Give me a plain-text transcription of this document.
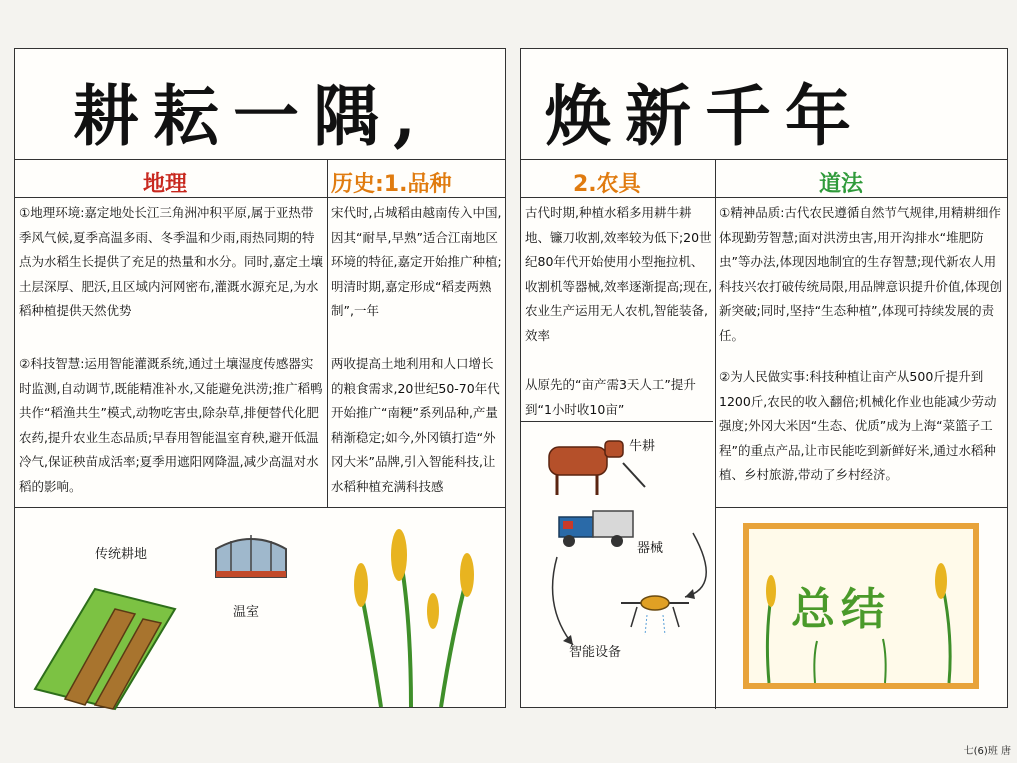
耕耘一隅,
地理	历史:1.品种
①地理环境:嘉定地处长江三角洲冲积平原,属于亚热带季风气候,夏季高温多雨、冬季温和少雨,雨热同期的特点为水稻生长提供了充足的热量和水分。同时,嘉定土壤土层深厚、肥沃,且区域内河网密布,灌溉水源充足,为水稻种植提供天然优势
宋代时,占城稻由越南传入中国,因其“耐旱,早熟”适合江南地区环境的特征,嘉定开始推广种植;明清时期,嘉定形成“稻麦两熟制”,一年
②科技智慧:运用智能灌溉系统,通过土壤湿度传感器实时监测,自动调节,既能精准补水,又能避免洪涝;推广稻鸭共作“稻渔共生”模式,动物吃害虫,除杂草,排便替代化肥农药,提升农业生态品质;早春用智能温室育秧,避开低温冷气,保证秧苗成活率;夏季用遮阳网降温,减少高温对水稻的影响。
两收提高土地利用和人口增长的粮食需求,20世纪50-70年代开始推广“南粳”系列品种,产量稍渐稳定;如今,外冈镇打造“外冈大米”品牌,引入智能科技,让水稻种植充满科技感
传统耕地
温室
焕新千年
2.农具	道法
古代时期,种植水稻多用耕牛耕地、镰刀收割,效率较为低下;20世纪80年代开始使用小型拖拉机、收割机等器械,效率逐渐提高;现在,农业生产运用无人农机,智能装备,效率
从原先的“亩产需3天人工”提升到“1小时收10亩”
①精神品质:古代农民遵循自然节气规律,用精耕细作体现勤劳智慧;面对洪涝虫害,用开沟排水“堆肥防虫”等办法,体现因地制宜的生存智慧;现代新农人用科技兴农打破传统局限,用品牌意识提升价值,体现创新突破;同时,坚持“生态种植”,体现可持续发展的责任。
②为人民做实事:科技种植让亩产从500斤提升到1200斤,农民的收入翻倍;机械化作业也能减少劳动强度;外冈大米因“生态、优质”成为上海“菜篮子工程”的重点产品,让市民能吃到新鲜好米,通过水稻种植、乡村旅游,带动了乡村经济。
牛耕
器械
智能设备
总结
七(6)班 唐
